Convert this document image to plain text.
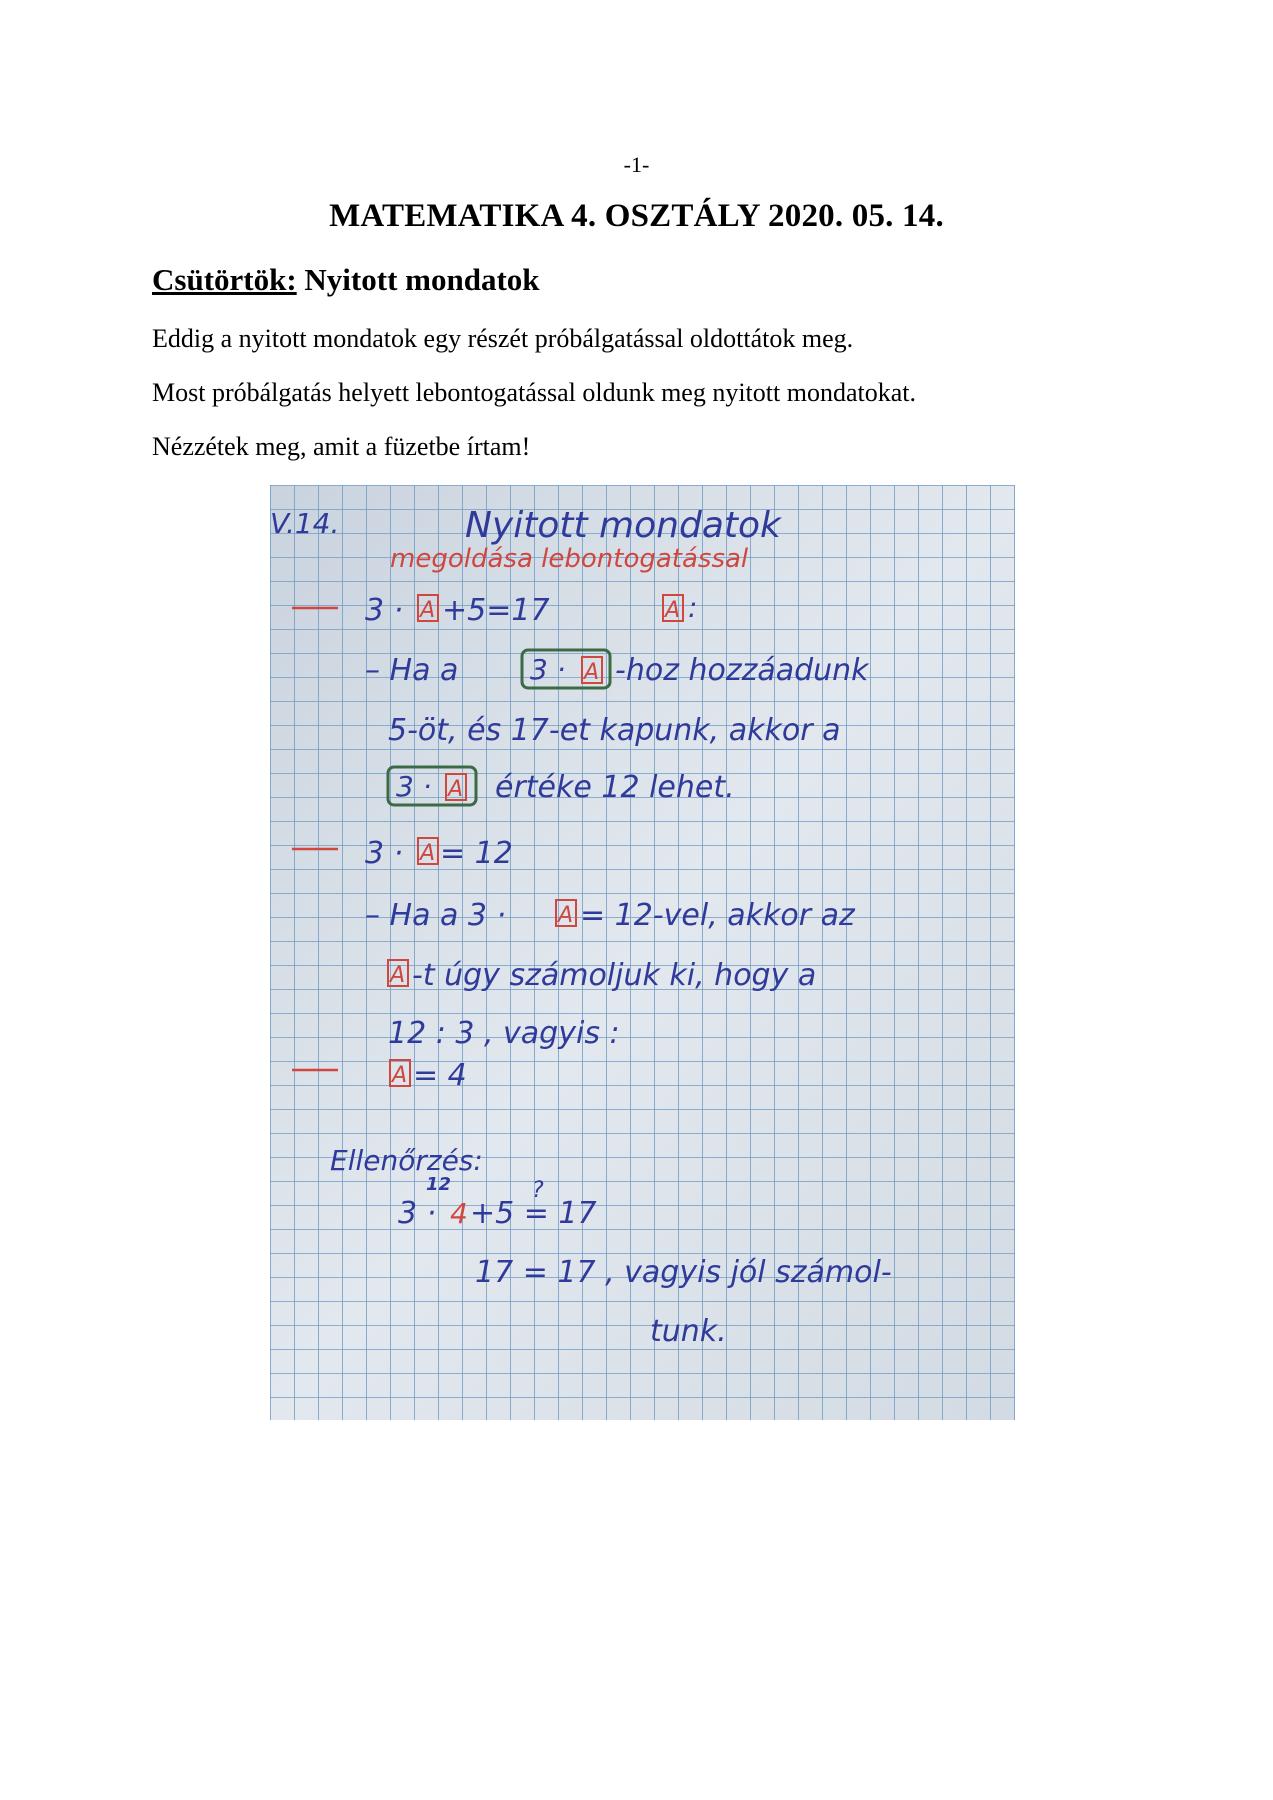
-1-
MATEMATIKA 4. OSZTÁLY 2020. 05. 14.
Csütörtök: Nyitott mondatok
Eddig a nyitott mondatok egy részét próbálgatással oldottátok meg.
Most próbálgatás helyett lebontogatással oldunk meg nyitott mondatokat.
Nézzétek meg, amit a füzetbe írtam!
V.14.	Nyitott mondatok
megoldása lebontogatással
3 · A +5=17	A :
– Ha a	3 · A -hoz hozzáadunk
5-öt, és 17-et kapunk, akkor a
3 · A értéke 12 lehet.
3 · A = 12
– Ha a 3 · A = 12-vel, akkor az
A -t úgy számoljuk ki, hogy a
12 : 3 , vagyis :
A = 4
Ellenőrzés:
12	?
3 · 4 +5 = 17
17 = 17 , vagyis jól számol-
tunk.
